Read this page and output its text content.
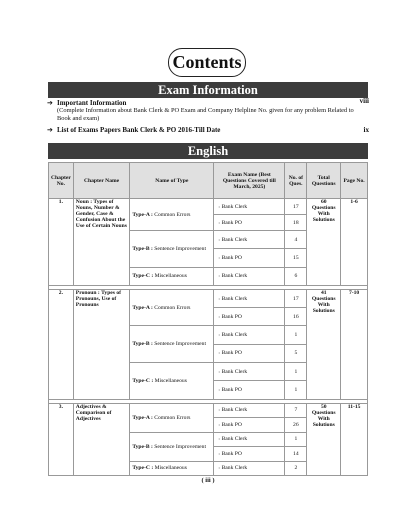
Contents
Exam Information
➔ Important Information
(Complete Information about Bank Clerk & PO Exam and Company Helpline No. given for any problem Related to Book and exam)
viii
➔ List of Exams Papers Bank Clerk & PO 2016-Till Date	ix
English
Chapter No.	Chapter Name	Name of Type	Exam Name (Best Questions Covered till March, 2025)	No. of Ques.	Total Questions	Page No.
1.	Noun : Types of Nouns, Number & Gender, Case & Confusion About the Use of Certain Nouns	Type-A : Common Errors	› Bank Clerk	17	60 Questions With Solutions	1-6
			› Bank PO	18		
		Type-B : Sentence Improvement	› Bank Clerk	4		
			› Bank PO	15		
		Type-C : Miscellaneous	› Bank Clerk	6		

2.	Pronoun : Types of Pronouns, Use of Pronouns	Type-A : Common Errors	› Bank Clerk	17	41 Questions With Solutions	7-10
			› Bank PO	16		
		Type-B : Sentence Improvement	› Bank Clerk	1		
			› Bank PO	5		
		Type-C : Miscellaneous	› Bank Clerk	1		
			› Bank PO	1		

3.	Adjectives & Comparison of Adjectives	Type-A : Common Errors	› Bank Clerk	7	50 Questions With Solutions	11-15
			› Bank PO	26		
		Type-B : Sentence Improvement	› Bank Clerk	1		
			› Bank PO	14		
		Type-C : Miscellaneous	› Bank Clerk	2		
( iii )
